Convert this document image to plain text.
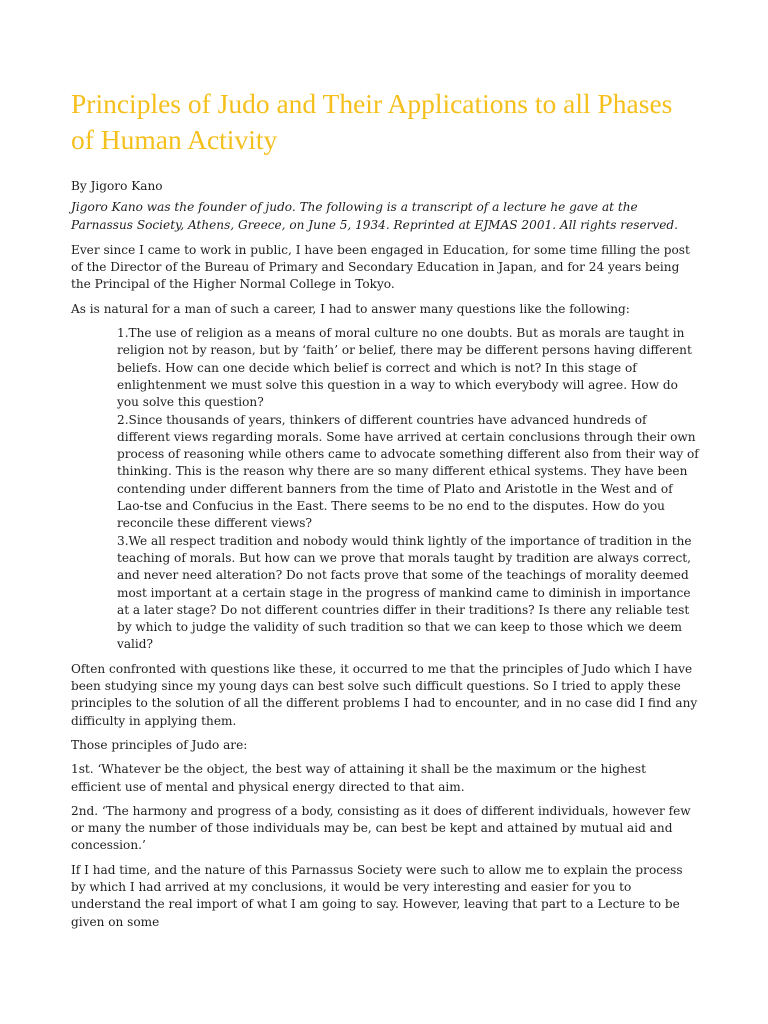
Principles of Judo and Their Applications to all Phases of Human Activity

By Jigoro Kano

Jigoro Kano was the founder of judo. The following is a transcript of a lecture he gave at the Parnassus Society, Athens, Greece, on June 5, 1934. Reprinted at EJMAS 2001. All rights reserved.

Ever since I came to work in public, I have been engaged in Education, for some time filling the post of the Director of the Bureau of Primary and Secondary Education in Japan, and for 24 years being the Principal of the Higher Normal College in Tokyo.

As is natural for a man of such a career, I had to answer many questions like the following:

1.The use of religion as a means of moral culture no one doubts. But as morals are taught in religion not by reason, but by ‘faith’ or belief, there may be different persons having different beliefs. How can one decide which belief is correct and which is not? In this stage of enlightenment we must solve this question in a way to which everybody will agree. How do you solve this question?
2.Since thousands of years, thinkers of different countries have advanced hundreds of different views regarding morals. Some have arrived at certain conclusions through their own process of reasoning while others came to advocate something different also from their way of thinking. This is the reason why there are so many different ethical systems. They have been contending under different banners from the time of Plato and Aristotle in the West and of Lao-tse and Confucius in the East. There seems to be no end to the disputes. How do you reconcile these different views?
3.We all respect tradition and nobody would think lightly of the importance of tradition in the teaching of morals. But how can we prove that morals taught by tradition are always correct, and never need alteration? Do not facts prove that some of the teachings of morality deemed most important at a certain stage in the progress of mankind came to diminish in importance at a later stage? Do not different countries differ in their traditions? Is there any reliable test by which to judge the validity of such tradition so that we can keep to those which we deem valid?

Often confronted with questions like these, it occurred to me that the principles of Judo which I have been studying since my young days can best solve such difficult questions. So I tried to apply these principles to the solution of all the different problems I had to encounter, and in no case did I find any difficulty in applying them.

Those principles of Judo are:

1st. ‘Whatever be the object, the best way of attaining it shall be the maximum or the highest efficient use of mental and physical energy directed to that aim.

2nd. ‘The harmony and progress of a body, consisting as it does of different individuals, however few or many the number of those individuals may be, can best be kept and attained by mutual aid and concession.’

If I had time, and the nature of this Parnassus Society were such to allow me to explain the process by which I had arrived at my conclusions, it would be very interesting and easier for you to understand the real import of what I am going to say. However, leaving that part to a Lecture to be given on some
